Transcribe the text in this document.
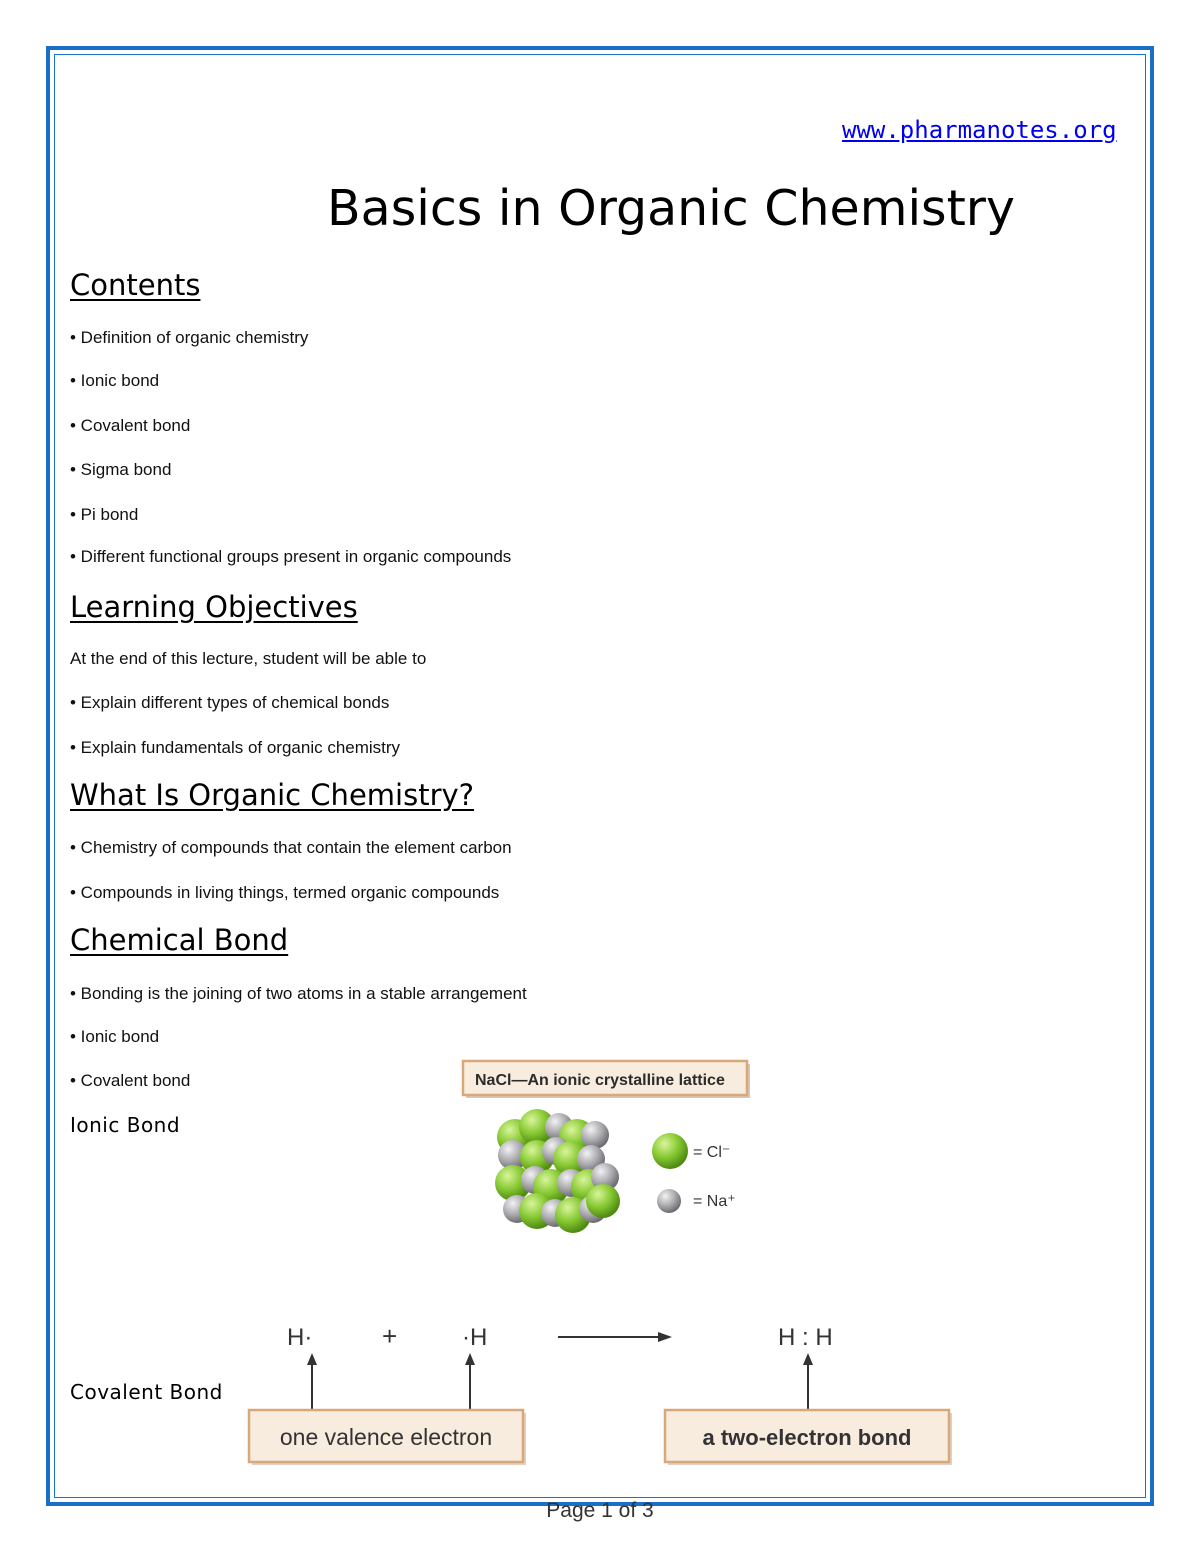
www.pharmanotes.org
Basics in Organic Chemistry
Contents
• Definition of organic chemistry
• Ionic bond
• Covalent bond
• Sigma bond
• Pi bond
• Different functional groups present in organic compounds
Learning Objectives
At the end of this lecture, student will be able to
• Explain different types of chemical bonds
• Explain fundamentals of organic chemistry
What Is Organic Chemistry?
• Chemistry of compounds that contain the element carbon
• Compounds in living things, termed organic compounds
Chemical Bond
• Bonding is the joining of two atoms in a stable arrangement
• Ionic bond
• Covalent bond
Ionic Bond
NaCl—An ionic crystalline lattice
= Cl⁻
= Na⁺
Covalent Bond
H·	+	·H	H : H
one valence electron	a two-electron bond
Page 1 of 3
